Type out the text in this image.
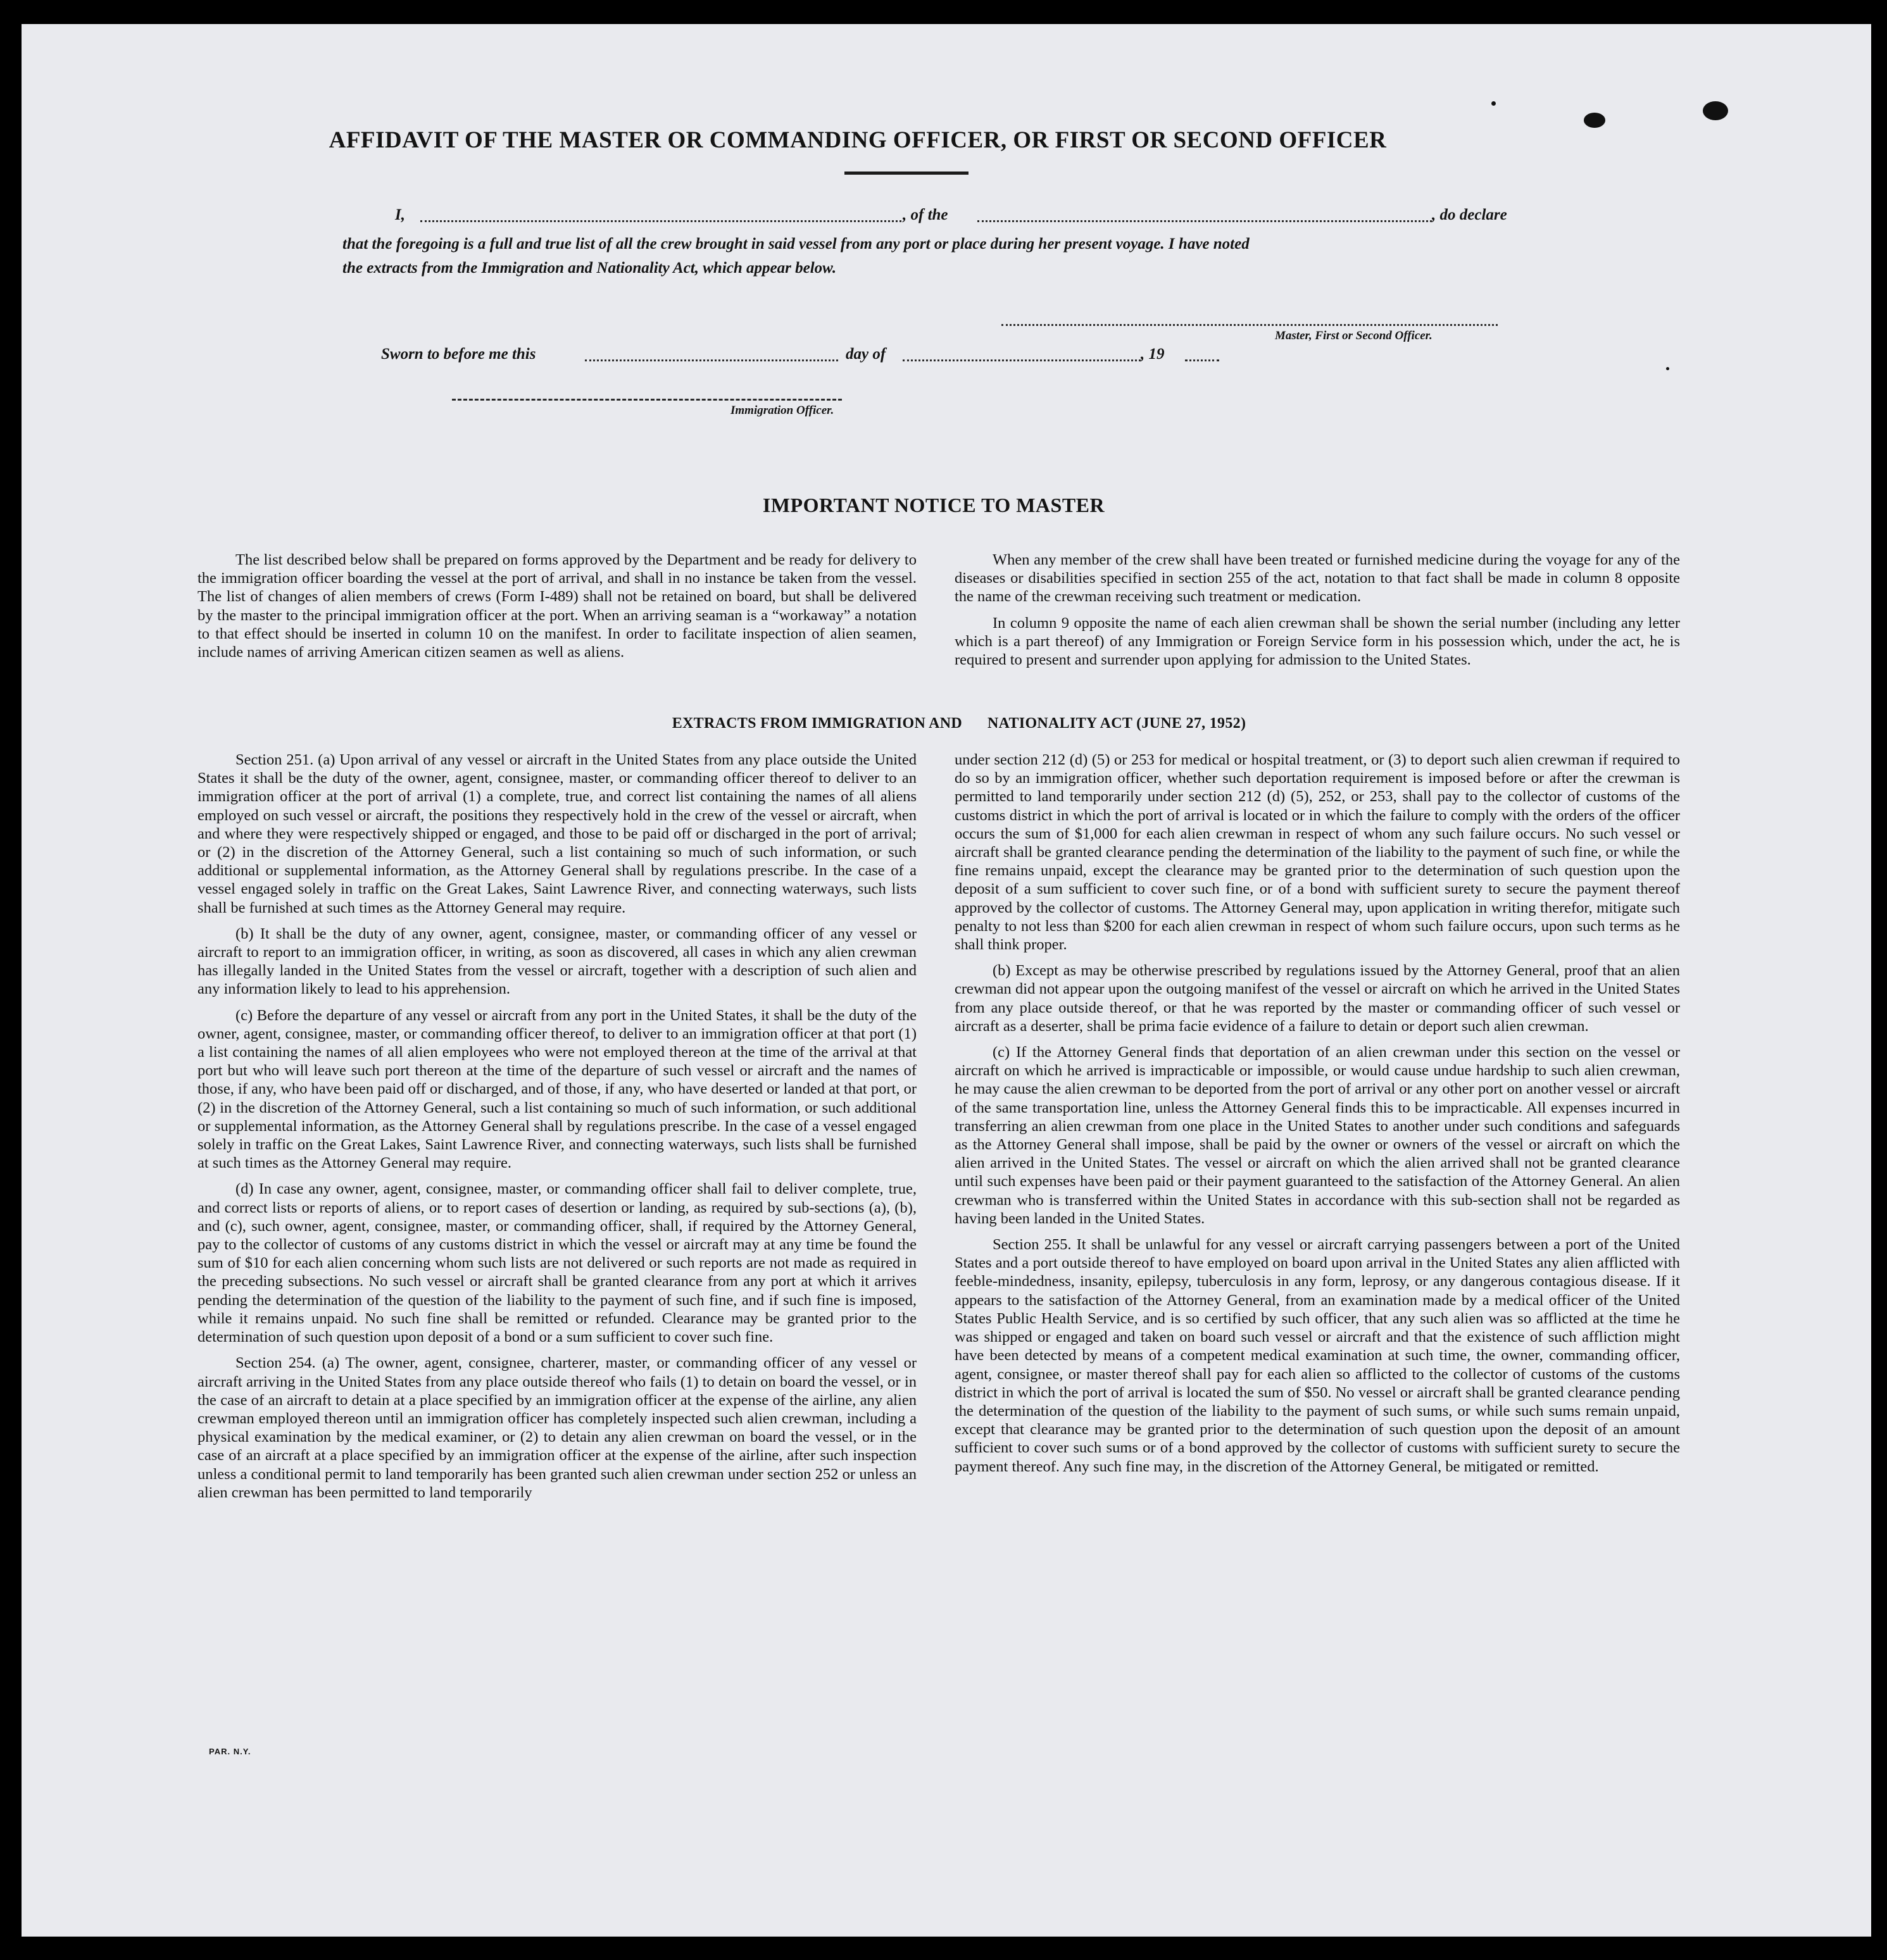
AFFIDAVIT OF THE MASTER OR COMMANDING OFFICER, OR FIRST OR SECOND OFFICER
I,	, of the	, do declare
that the foregoing is a full and true list of all the crew brought in said vessel from any port or place during her present voyage. I have noted
the extracts from the Immigration and Nationality Act, which appear below.
Master, First or Second Officer.
Sworn to before me this	day of	, 19
Immigration Officer.
IMPORTANT NOTICE TO MASTER

The list described below shall be prepared on forms approved by the Department and be ready for delivery to the immigration officer boarding the vessel at the port of arrival, and shall in no instance be taken from the vessel. The list of changes of alien members of crews (Form I-489) shall not be retained on board, but shall be delivered by the master to the principal immigration officer at the port. When an arriving seaman is a “workaway” a notation to that effect should be inserted in column 10 on the manifest. In order to facilitate inspection of alien seamen, include names of arriving American citizen seamen as well as aliens.

When any member of the crew shall have been treated or furnished medicine during the voyage for any of the diseases or disabilities specified in section 255 of the act, notation to that fact shall be made in column 8 opposite the name of the crewman receiving such treatment or medication.

In column 9 opposite the name of each alien crewman shall be shown the serial number (including any letter which is a part thereof) of any Immigration or Foreign Service form in his possession which, under the act, he is required to present and surrender upon applying for admission to the United States.

EXTRACTS FROM IMMIGRATION AND NATIONALITY ACT (JUNE 27, 1952)

Section 251. (a) Upon arrival of any vessel or aircraft in the United States from any place outside the United States it shall be the duty of the owner, agent, consignee, master, or commanding officer thereof to deliver to an immigration officer at the port of arrival (1) a complete, true, and correct list containing the names of all aliens employed on such vessel or aircraft, the positions they respectively hold in the crew of the vessel or aircraft, when and where they were respectively shipped or engaged, and those to be paid off or discharged in the port of arrival; or (2) in the discretion of the Attorney General, such a list containing so much of such information, or such additional or supplemental information, as the Attorney General shall by regulations prescribe. In the case of a vessel engaged solely in traffic on the Great Lakes, Saint Lawrence River, and connecting waterways, such lists shall be furnished at such times as the Attorney General may require.

(b) It shall be the duty of any owner, agent, consignee, master, or commanding officer of any vessel or aircraft to report to an immigration officer, in writing, as soon as discovered, all cases in which any alien crewman has illegally landed in the United States from the vessel or aircraft, together with a description of such alien and any information likely to lead to his apprehension.

(c) Before the departure of any vessel or aircraft from any port in the United States, it shall be the duty of the owner, agent, consignee, master, or commanding officer thereof, to deliver to an immigration officer at that port (1) a list containing the names of all alien employees who were not employed thereon at the time of the arrival at that port but who will leave such port thereon at the time of the departure of such vessel or aircraft and the names of those, if any, who have been paid off or discharged, and of those, if any, who have deserted or landed at that port, or (2) in the discretion of the Attorney General, such a list containing so much of such information, or such additional or supplemental information, as the Attorney General shall by regulations prescribe. In the case of a vessel engaged solely in traffic on the Great Lakes, Saint Lawrence River, and connecting waterways, such lists shall be furnished at such times as the Attorney General may require.

(d) In case any owner, agent, consignee, master, or commanding officer shall fail to deliver complete, true, and correct lists or reports of aliens, or to report cases of desertion or landing, as required by sub-sections (a), (b), and (c), such owner, agent, consignee, master, or commanding officer, shall, if required by the Attorney General, pay to the collector of customs of any customs district in which the vessel or aircraft may at any time be found the sum of $10 for each alien concerning whom such lists are not delivered or such reports are not made as required in the preceding subsections. No such vessel or aircraft shall be granted clearance from any port at which it arrives pending the determination of the question of the liability to the payment of such fine, and if such fine is imposed, while it remains unpaid. No such fine shall be remitted or refunded. Clearance may be granted prior to the determination of such question upon deposit of a bond or a sum sufficient to cover such fine.

Section 254. (a) The owner, agent, consignee, charterer, master, or commanding officer of any vessel or aircraft arriving in the United States from any place outside thereof who fails (1) to detain on board the vessel, or in the case of an aircraft to detain at a place specified by an immigration officer at the expense of the airline, any alien crewman employed thereon until an immigration officer has completely inspected such alien crewman, including a physical examination by the medical examiner, or (2) to detain any alien crewman on board the vessel, or in the case of an aircraft at a place specified by an immigration officer at the expense of the airline, after such inspection unless a conditional permit to land temporarily has been granted such alien crewman under section 252 or unless an alien crewman has been permitted to land temporarily

under section 212 (d) (5) or 253 for medical or hospital treatment, or (3) to deport such alien crewman if required to do so by an immigration officer, whether such deportation requirement is imposed before or after the crewman is permitted to land temporarily under section 212 (d) (5), 252, or 253, shall pay to the collector of customs of the customs district in which the port of arrival is located or in which the failure to comply with the orders of the officer occurs the sum of $1,000 for each alien crewman in respect of whom any such failure occurs. No such vessel or aircraft shall be granted clearance pending the determination of the liability to the payment of such fine, or while the fine remains unpaid, except the clearance may be granted prior to the determination of such question upon the deposit of a sum sufficient to cover such fine, or of a bond with sufficient surety to secure the payment thereof approved by the collector of customs. The Attorney General may, upon application in writing therefor, mitigate such penalty to not less than $200 for each alien crewman in respect of whom such failure occurs, upon such terms as he shall think proper.

(b) Except as may be otherwise prescribed by regulations issued by the Attorney General, proof that an alien crewman did not appear upon the outgoing manifest of the vessel or aircraft on which he arrived in the United States from any place outside thereof, or that he was reported by the master or commanding officer of such vessel or aircraft as a deserter, shall be prima facie evidence of a failure to detain or deport such alien crewman.

(c) If the Attorney General finds that deportation of an alien crewman under this section on the vessel or aircraft on which he arrived is impracticable or impossible, or would cause undue hardship to such alien crewman, he may cause the alien crewman to be deported from the port of arrival or any other port on another vessel or aircraft of the same transportation line, unless the Attorney General finds this to be impracticable. All expenses incurred in transferring an alien crewman from one place in the United States to another under such conditions and safeguards as the Attorney General shall impose, shall be paid by the owner or owners of the vessel or aircraft on which the alien arrived in the United States. The vessel or aircraft on which the alien arrived shall not be granted clearance until such expenses have been paid or their payment guaranteed to the satisfaction of the Attorney General. An alien crewman who is transferred within the United States in accordance with this sub-section shall not be regarded as having been landed in the United States.

Section 255. It shall be unlawful for any vessel or aircraft carrying passengers between a port of the United States and a port outside thereof to have employed on board upon arrival in the United States any alien afflicted with feeble-mindedness, insanity, epilepsy, tuberculosis in any form, leprosy, or any dangerous contagious disease. If it appears to the satisfaction of the Attorney General, from an examination made by a medical officer of the United States Public Health Service, and is so certified by such officer, that any such alien was so afflicted at the time he was shipped or engaged and taken on board such vessel or aircraft and that the existence of such affliction might have been detected by means of a competent medical examination at such time, the owner, commanding officer, agent, consignee, or master thereof shall pay for each alien so afflicted to the collector of customs of the customs district in which the port of arrival is located the sum of $50. No vessel or aircraft shall be granted clearance pending the determination of the question of the liability to the payment of such sums, or while such sums remain unpaid, except that clearance may be granted prior to the determination of such question upon the deposit of an amount sufficient to cover such sums or of a bond approved by the collector of customs with sufficient surety to secure the payment thereof. Any such fine may, in the discretion of the Attorney General, be mitigated or remitted.

PAR. N.Y.
